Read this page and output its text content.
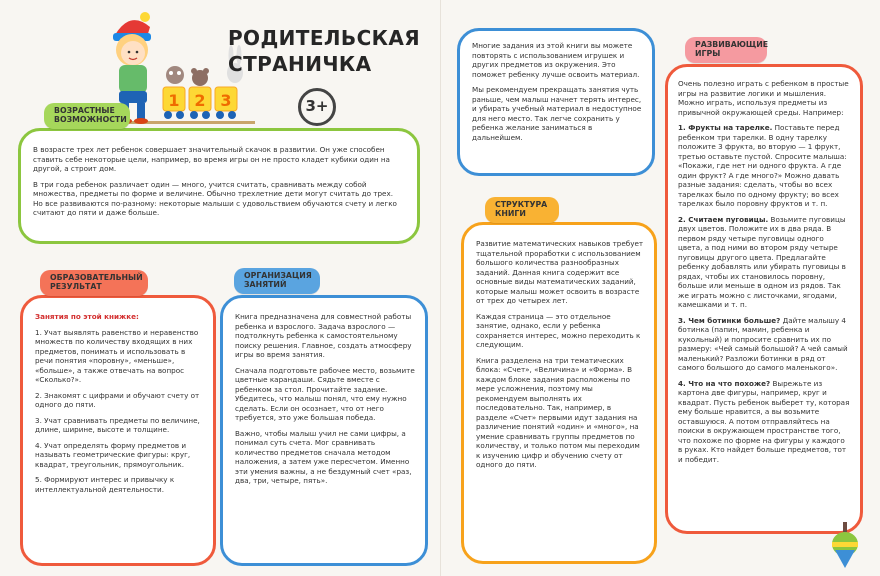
1 2 3
РОДИТЕЛЬСКАЯ
СТРАНИЧКА
3+

В возрасте трех лет ребенок совершает значительный скачок в развитии. Он уже способен ставить себе некоторые цели, например, во время игры он не просто кладет кубики один на другой, а строит дом.

В три года ребенок различает один — много, учится считать, сравнивать между собой множества, предметы по форме и величине. Обычно трехлетние дети могут считать до трех. Но все развиваются по-разному: некоторые малыши с удовольствием обучаются счету и легко считают до пяти и даже больше.

ВОЗРАСТНЫЕ ВОЗМОЖНОСТИ

Занятия по этой книжке:

1. Учат выявлять равенство и неравенство множеств по количеству входящих в них предметов, понимать и использовать в речи понятия «поровну», «меньше», «больше», а также отвечать на вопрос «Сколько?».

2. Знакомят с цифрами и обучают счету от одного до пяти.

3. Учат сравнивать предметы по величине, длине, ширине, высоте и толщине.

4. Учат определять форму предметов и называть геометрические фигуры: круг, квадрат, треугольник, прямоугольник.

5. Формируют интерес и привычку к интеллектуальной деятельности.

ОБРАЗОВАТЕЛЬНЫЙ РЕЗУЛЬТАТ

Книга предназначена для совместной работы ребенка и взрослого. Задача взрослого — подтолкнуть ребенка к самостоятельному поиску решения. Главное, создать атмосферу игры во время занятия.

Сначала подготовьте рабочее место, возьмите цветные карандаши. Сядьте вместе с ребенком за стол. Прочитайте задание. Убедитесь, что малыш понял, что ему нужно сделать. Если он осознает, что от него требуется, это уже большая победа.

Важно, чтобы малыш учил не сами цифры, а понимал суть счета. Мог сравнивать количество предметов сначала методом наложения, а затем уже пересчетом. Именно эти умения важны, а не бездумный счет «раз, два, три, четыре, пять».

ОРГАНИЗАЦИЯ ЗАНЯТИЙ

Многие задания из этой книги вы можете повторять с использованием игрушек и других предметов из окружения. Это поможет ребенку лучше освоить материал.

Мы рекомендуем прекращать занятия чуть раньше, чем малыш начнет терять интерес, и убирать учебный материал в недоступное для него место. Так легче сохранить у ребенка желание заниматься в дальнейшем.

Развитие математических навыков требует тщательной проработки с использованием большого количества разнообразных заданий. Данная книга содержит все основные виды математических заданий, которые малыш может освоить в возрасте от трех до четырех лет.

Каждая страница — это отдельное занятие, однако, если у ребенка сохраняется интерес, можно переходить к следующим.

Книга разделена на три тематических блока: «Счет», «Величина» и «Форма». В каждом блоке задания расположены по мере усложнения, поэтому мы рекомендуем выполнять их последовательно. Так, например, в разделе «Счет» первыми идут задания на различение понятий «один» и «много», на умение сравнивать группы предметов по количеству, и только потом мы переходим к изучению цифр и обучению счету от одного до пяти.

СТРУКТУРА КНИГИ

Очень полезно играть с ребенком в простые игры на развитие логики и мышления. Можно играть, используя предметы из привычной окружающей среды. Например:

1. Фрукты на тарелке. Поставьте перед ребенком три тарелки. В одну тарелку положите 3 фрукта, во вторую — 1 фрукт, третью оставьте пустой. Спросите малыша: «Покажи, где нет ни одного фрукта. А где один фрукт? А где много?» Можно давать разные задания: сделать, чтобы во всех тарелках было по одному фрукту; во всех тарелках было поровну фруктов и т. п.

2. Считаем пуговицы. Возьмите пуговицы двух цветов. Положите их в два ряда. В первом ряду четыре пуговицы одного цвета, а под ними во втором ряду четыре пуговицы другого цвета. Предлагайте ребенку добавлять или убирать пуговицы в рядах, чтобы их становилось поровну, больше или меньше в одном из рядов. Так же играть можно с листочками, ягодами, камешками и т. п.

3. Чем ботинки больше? Дайте малышу 4 ботинка (папин, мамин, ребенка и кукольный) и попросите сравнить их по размеру: «Чей самый большой? А чей самый маленький? Разложи ботинки в ряд от самого большого до самого маленького».

4. Что на что похоже? Вырежьте из картона две фигуры, например, круг и квадрат. Пусть ребенок выберет ту, которая ему больше нравится, а вы возьмите оставшуюся. А потом отправляйтесь на поиски в окружающем пространстве того, что похоже по форме на фигуры у каждого в руках. Кто найдет больше предметов, тот и победит.

РАЗВИВАЮЩИЕ ИГРЫ
